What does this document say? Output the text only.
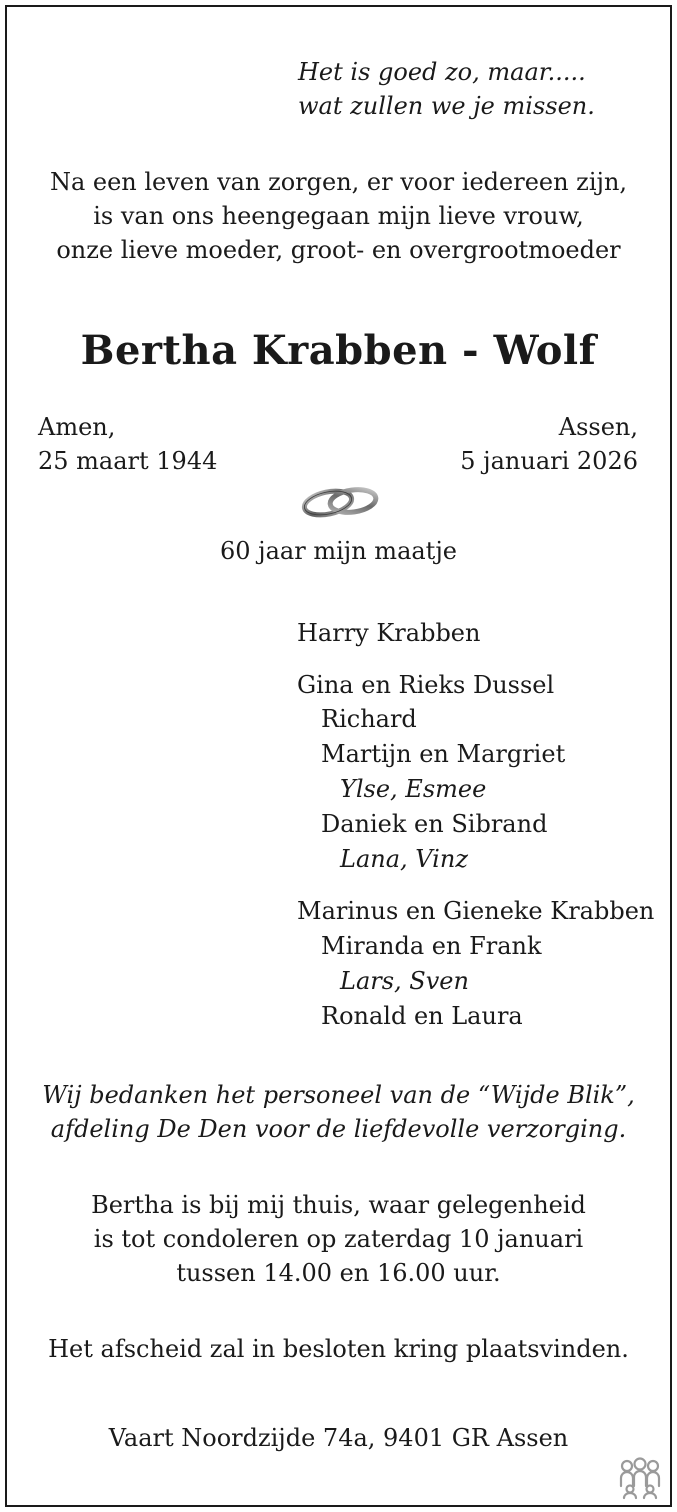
Het is goed zo, maar.....
wat zullen we je missen.
Na een leven van zorgen, er voor iedereen zijn,
is van ons heengegaan mijn lieve vrouw,
onze lieve moeder, groot- en overgrootmoeder
Bertha Krabben - Wolf
Amen,
25 maart 1944
Assen,
5 januari 2026
60 jaar mijn maatje
Harry Krabben
Gina en Rieks Dussel
Richard
Martijn en Margriet
Ylse, Esmee
Daniek en Sibrand
Lana, Vinz
Marinus en Gieneke Krabben
Miranda en Frank
Lars, Sven
Ronald en Laura
Wij bedanken het personeel van de “Wijde Blik”,
afdeling De Den voor de liefdevolle verzorging.
Bertha is bij mij thuis, waar gelegenheid
is tot condoleren op zaterdag 10 januari
tussen 14.00 en 16.00 uur.
Het afscheid zal in besloten kring plaatsvinden.
Vaart Noordzijde 74a, 9401 GR Assen
